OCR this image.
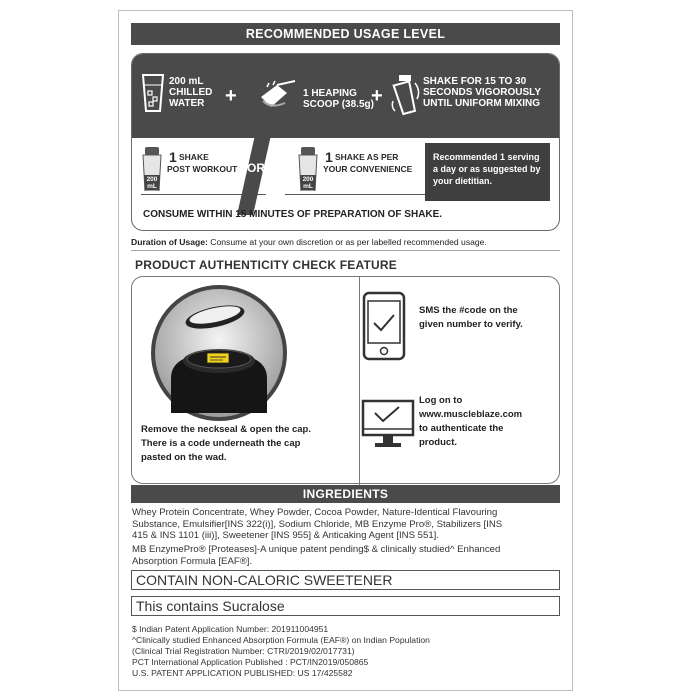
RECOMMENDED USAGE LEVEL
200 mL
CHILLED
WATER	+	1 HEAPING
SCOOP (38.5g)
+
SHAKE FOR 15 TO 30
SECONDS VIGOROUSLY
UNTIL UNIFORM MIXING
200 mL
1 SHAKE
POST WORKOUT OR
200 mL
1 SHAKE AS PER
YOUR CONVENIENCE
Recommended 1 serving
a day or as suggested by
your dietitian.
CONSUME WITHIN 15 MINUTES OF PREPARATION OF SHAKE.
Duration of Usage: Consume at your own discretion or as per labelled recommended usage.
PRODUCT AUTHENTICITY CHECK FEATURE
Remove the neckseal & open the cap.
There is a code underneath the cap
pasted on the wad.
SMS the #code on the
given number to verify.
Log on to
www.muscleblaze.com
to authenticate the
product.
INGREDIENTS
Whey Protein Concentrate, Whey Powder, Cocoa Powder, Nature-Identical Flavouring
Substance, Emulsifier[INS 322(i)], Sodium Chloride, MB Enzyme Pro®, Stabilizers [INS
415 & INS 1101 (iii)], Sweetener [INS 955] & Anticaking Agent [INS 551].
MB EnzymePro® [Proteases]-A unique patent pending$ & clinically studied^ Enhanced
Absorption Formula [EAF®].
CONTAIN NON-CALORIC SWEETENER
This contains Sucralose
$ Indian Patent Application Number: 201911004951
^Clinically studied Enhanced Absorption Formula (EAF®) on Indian Population
(Clinical Trial Registration Number: CTRI/2019/02/017731)
PCT International Application Published : PCT/IN2019/050865
U.S. PATENT APPLICATION PUBLISHED: US 17/425582
